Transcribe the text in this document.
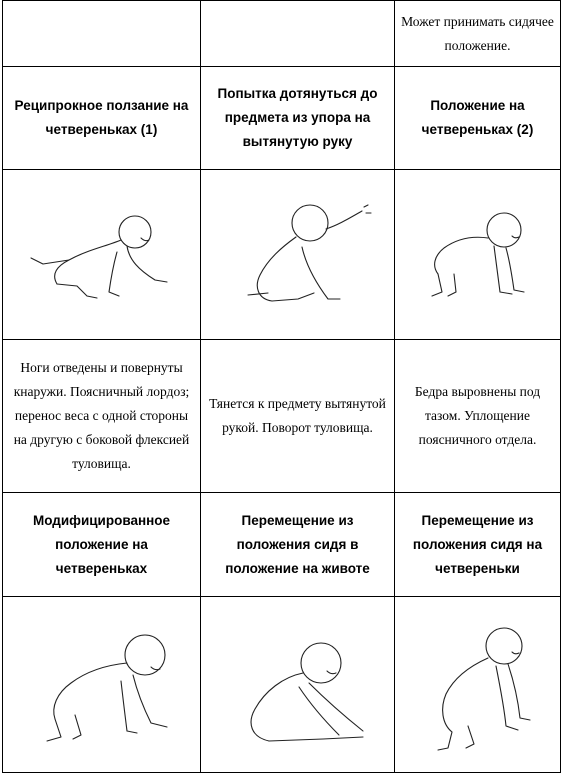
		Может принимать сидячее положение.
Реципрокное ползание на четвереньках (1)	Попытка дотянуться до предмета из упора на вытянутую руку	Положение на четвереньках (2)

Ноги отведены и повернуты кнаружи. Поясничный лордоз; перенос веса с одной стороны на другую с боковой флексией туловища.	Тянется к предмету вытянутой рукой. Поворот туловища.	Бедра выровнены под тазом. Уплощение поясничного отдела.
Модифицированное положение на четвереньках	Перемещение из положения сидя в положение на животе	Перемещение из положения сидя на четвереньки
